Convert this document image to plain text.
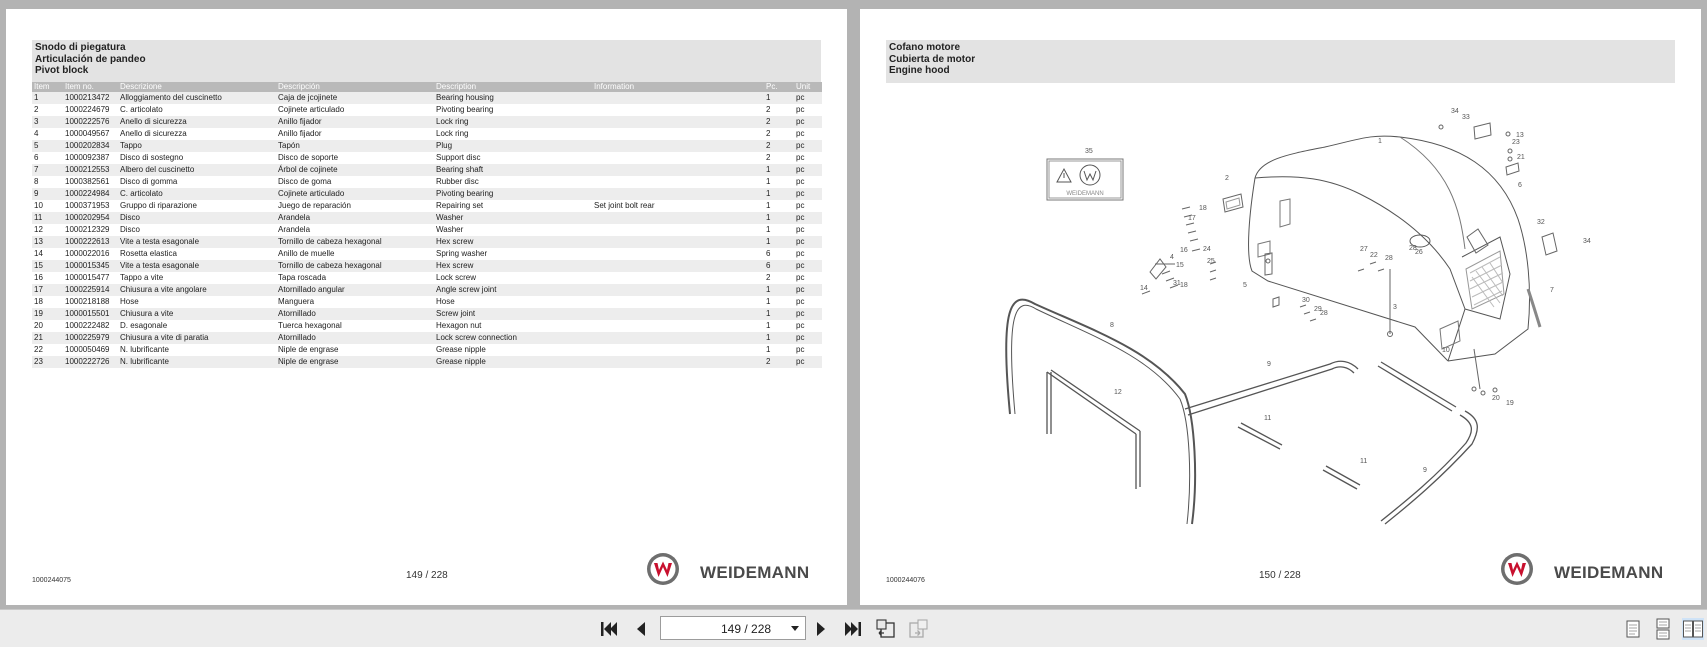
Snodo di piegatura
Articulación de pandeo
Pivot block
Item	Item no.	Descrizione	Descripción	Description	Information	Pc.	Unit
1	1000213472	Alloggiamento del cuscinetto	Caja de jcojinete	Bearing housing		1	pc
2	1000224679	C. articolato	Cojinete articulado	Pivoting bearing		2	pc
3	1000222576	Anello di sicurezza	Anillo fijador	Lock ring		2	pc
4	1000049567	Anello di sicurezza	Anillo fijador	Lock ring		2	pc
5	1000202834	Tappo	Tapón	Plug		2	pc
6	1000092387	Disco di sostegno	Disco de soporte	Support disc		2	pc
7	1000212553	Albero del cuscinetto	Árbol de cojinete	Bearing shaft		1	pc
8	1000382561	Disco di gomma	Disco de goma	Rubber disc		1	pc
9	1000224984	C. articolato	Cojinete articulado	Pivoting bearing		1	pc
10	1000371953	Gruppo di riparazione	Juego de reparación	Repairing set	Set joint bolt rear	1	pc
11	1000202954	Disco	Arandela	Washer		1	pc
12	1000212329	Disco	Arandela	Washer		1	pc
13	1000222613	Vite a testa esagonale	Tornillo de cabeza hexagonal	Hex screw		1	pc
14	1000022016	Rosetta elastica	Anillo de muelle	Spring washer		6	pc
15	1000015345	Vite a testa esagonale	Tornillo de cabeza hexagonal	Hex screw		6	pc
16	1000015477	Tappo a vite	Tapa roscada	Lock screw		2	pc
17	1000225914	Chiusura a vite angolare	Atornillado angular	Angle screw joint		1	pc
18	1000218188	Hose	Manguera	Hose		1	pc
19	1000015501	Chiusura a vite	Atornillado	Screw joint		1	pc
20	1000222482	D. esagonale	Tuerca hexagonal	Hexagon nut		1	pc
21	1000225979	Chiusura a vite di paratia	Atornillado	Lock screw connection		1	pc
22	1000050469	N. lubrificante	Niple de engrase	Grease nipple		1	pc
23	1000222726	N. lubrificante	Niple de engrase	Grease nipple		2	pc
1000244075	149 / 228	WEIDEMANN
Cofano motore
Cubierta de motor
Engine hood
WEIDEMANN
1
2
3
4
5
6
7
8
9
10
11
12
13
14
15
16
17
18
19
20
21
22
23
24
25
26
27
28
29
30
31
32
33
34
35
9
11
34
28
18
28
1000244076	150 / 228	WEIDEMANN
149 / 228
